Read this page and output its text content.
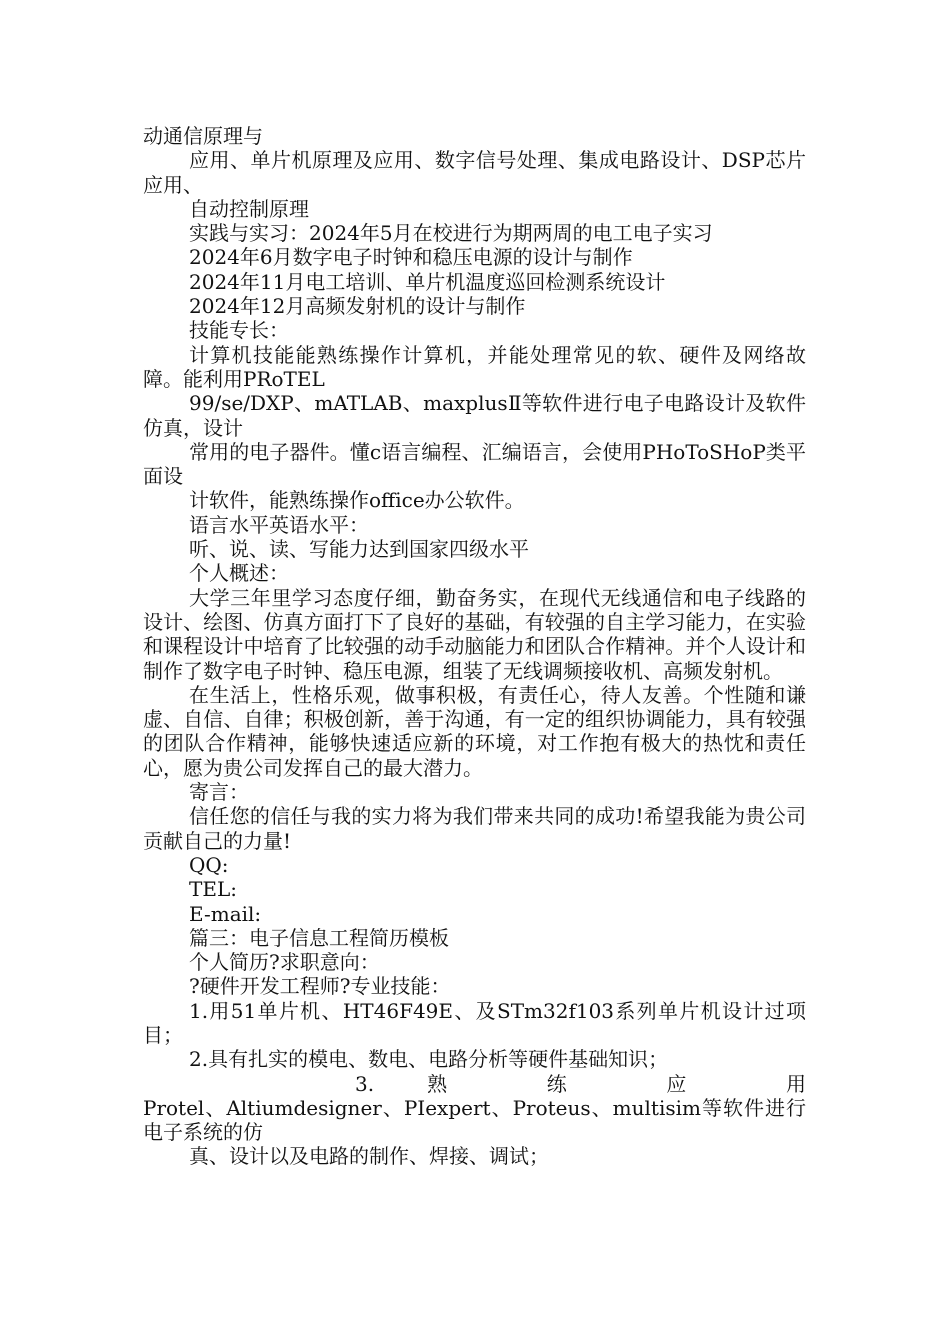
动通信原理与

应用、单片机原理及应用、数字信号处理、集成电路设计、DSP芯片应用、

自动控制原理

实践与实习：2024年5月在校进行为期两周的电工电子实习

2024年6月数字电子时钟和稳压电源的设计与制作

2024年11月电工培训、单片机温度巡回检测系统设计

2024年12月高频发射机的设计与制作

技能专长：

计算机技能能熟练操作计算机，并能处理常见的软、硬件及网络故障。能利用PRoTEL

99/se/DXP、mATLAB、maxplusⅡ等软件进行电子电路设计及软件仿真，设计

常用的电子器件。懂c语言编程、汇编语言，会使用PHoToSHoP类平面设

计软件，能熟练操作office办公软件。

语言水平英语水平：

听、说、读、写能力达到国家四级水平

个人概述：

大学三年里学习态度仔细，勤奋务实，在现代无线通信和电子线路的设计、绘图、仿真方面打下了良好的基础，有较强的自主学习能力，在实验和课程设计中培育了比较强的动手动脑能力和团队合作精神。并个人设计和制作了数字电子时钟、稳压电源，组装了无线调频接收机、高频发射机。

在生活上，性格乐观，做事积极，有责任心，待人友善。个性随和谦虚、自信、自律；积极创新，善于沟通，有一定的组织协调能力，具有较强的团队合作精神，能够快速适应新的环境，对工作抱有极大的热忱和责任心，愿为贵公司发挥自己的最大潜力。

寄言：

信任您的信任与我的实力将为我们带来共同的成功!希望我能为贵公司贡献自己的力量!

QQ:

TEL:

E-mail:

篇三：电子信息工程简历模板

个人简历?求职意向：

?硬件开发工程师?专业技能：

1.用51单片机、HT46F49E、及STm32f103系列单片机设计过项目；

2.具有扎实的模电、数电、电路分析等硬件基础知识；

3.	熟	练	应	用

Protel、Altiumdesigner、PIexpert、Proteus、multisim等软件进行电子系统的仿

真、设计以及电路的制作、焊接、调试；
